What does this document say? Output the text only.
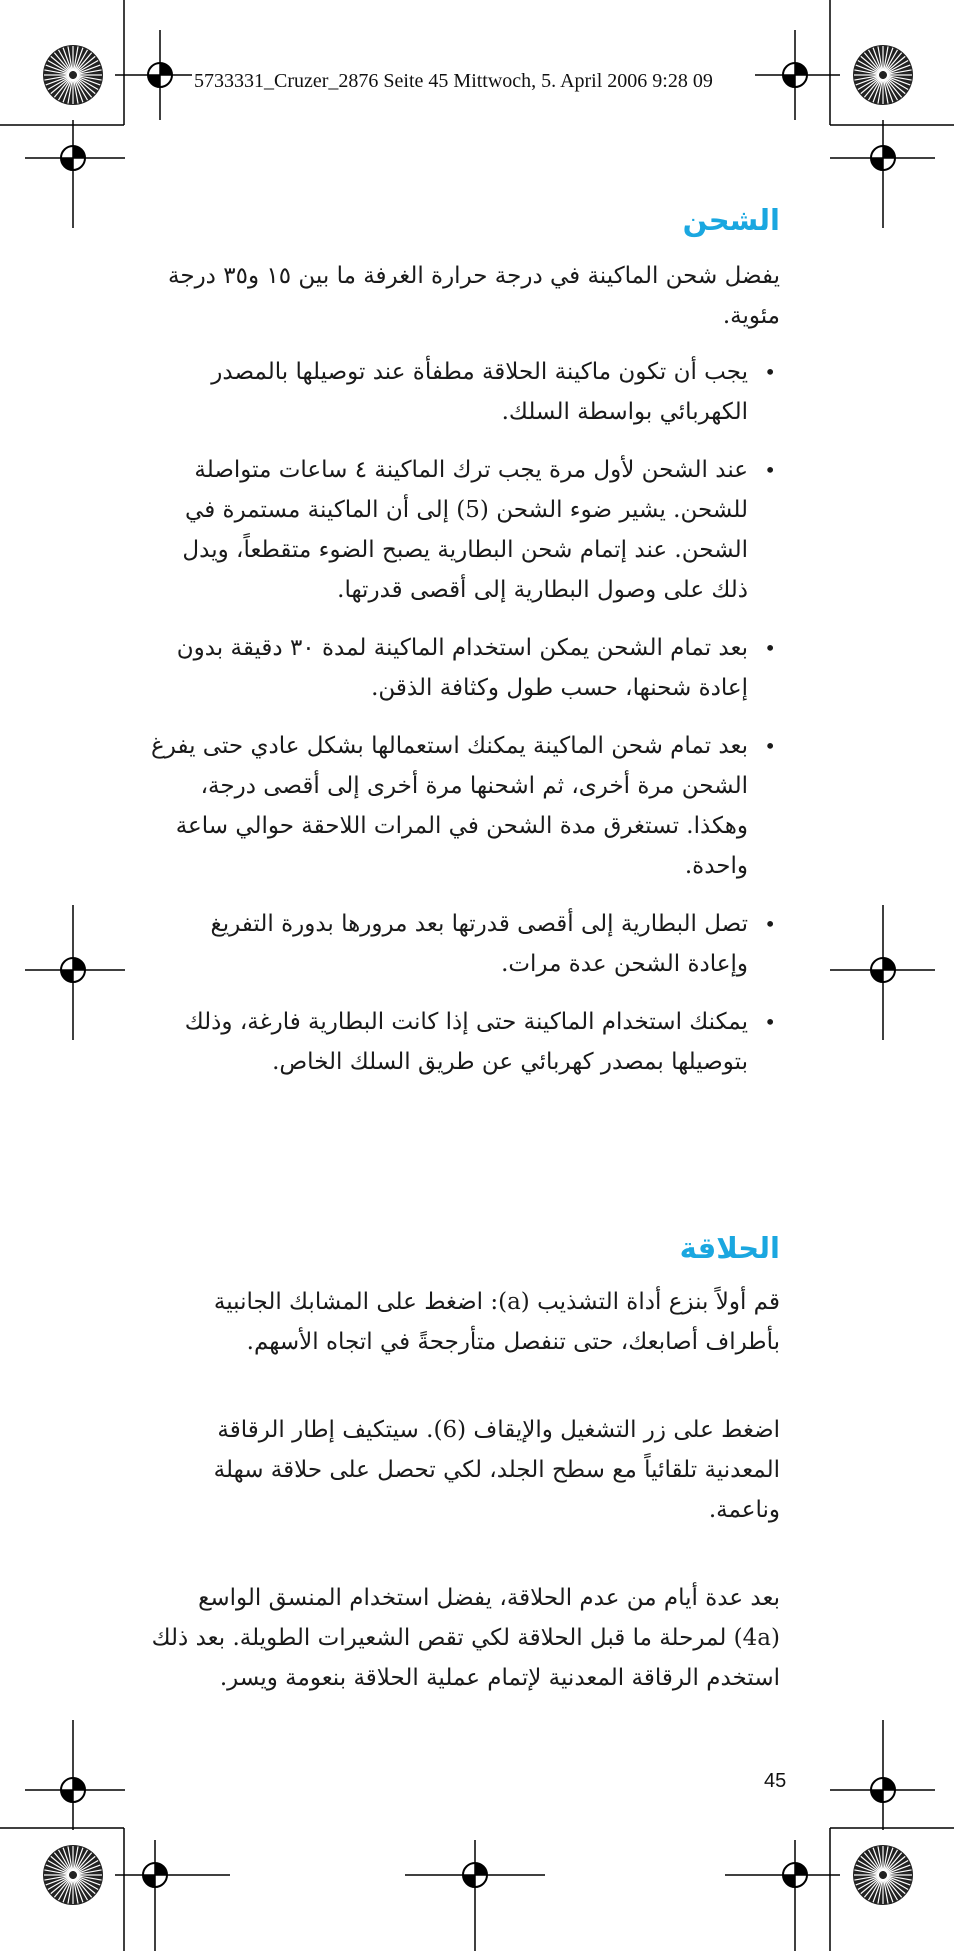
5733331_Cruzer_2876 Seite 45 Mittwoch, 5. April 2006 9:28 09
الشحن

يفضل شحن الماكينة في درجة حرارة الغرفة ما بين ١٥ و٣٥ درجة مئوية.

•
يجب أن تكون ماكينة الحلاقة مطفأة عند توصيلها بالمصدر الكهربائي بواسطة السلك.
•
عند الشحن لأول مرة يجب ترك الماكينة ٤ ساعات متواصلة للشحن. يشير ضوء الشحن (5) إلى أن الماكينة مستمرة في الشحن. عند إتمام شحن البطارية يصبح الضوء متقطعاً، ويدل ذلك على وصول البطارية إلى أقصى قدرتها.
•
بعد تمام الشحن يمكن استخدام الماكينة لمدة ٣٠ دقيقة بدون إعادة شحنها، حسب طول وكثافة الذقن.
•
بعد تمام شحن الماكينة يمكنك استعمالها بشكل عادي حتى يفرغ الشحن مرة أخرى، ثم اشحنها مرة أخرى إلى أقصى درجة، وهكذا. تستغرق مدة الشحن في المرات اللاحقة حوالي ساعة واحدة.
•
تصل البطارية إلى أقصى قدرتها بعد مرورها بدورة التفريغ وإعادة الشحن عدة مرات.
•
يمكنك استخدام الماكينة حتى إذا كانت البطارية فارغة، وذلك بتوصيلها بمصدر كهربائي عن طريق السلك الخاص.
الحلاقة

قم أولاً بنزع أداة التشذيب (a): اضغط على المشابك الجانبية بأطراف أصابعك، حتى تنفصل متأرجحةً في اتجاه الأسهم.

اضغط على زر التشغيل والإيقاف (6). سيتكيف إطار الرقاقة المعدنية تلقائياً مع سطح الجلد، لكي تحصل على حلاقة سهلة وناعمة.

بعد عدة أيام من عدم الحلاقة، يفضل استخدام المنسق الواسع (4a) لمرحلة ما قبل الحلاقة لكي تقص الشعيرات الطويلة. بعد ذلك استخدم الرقاقة المعدنية لإتمام عملية الحلاقة بنعومة ويسر.

45
